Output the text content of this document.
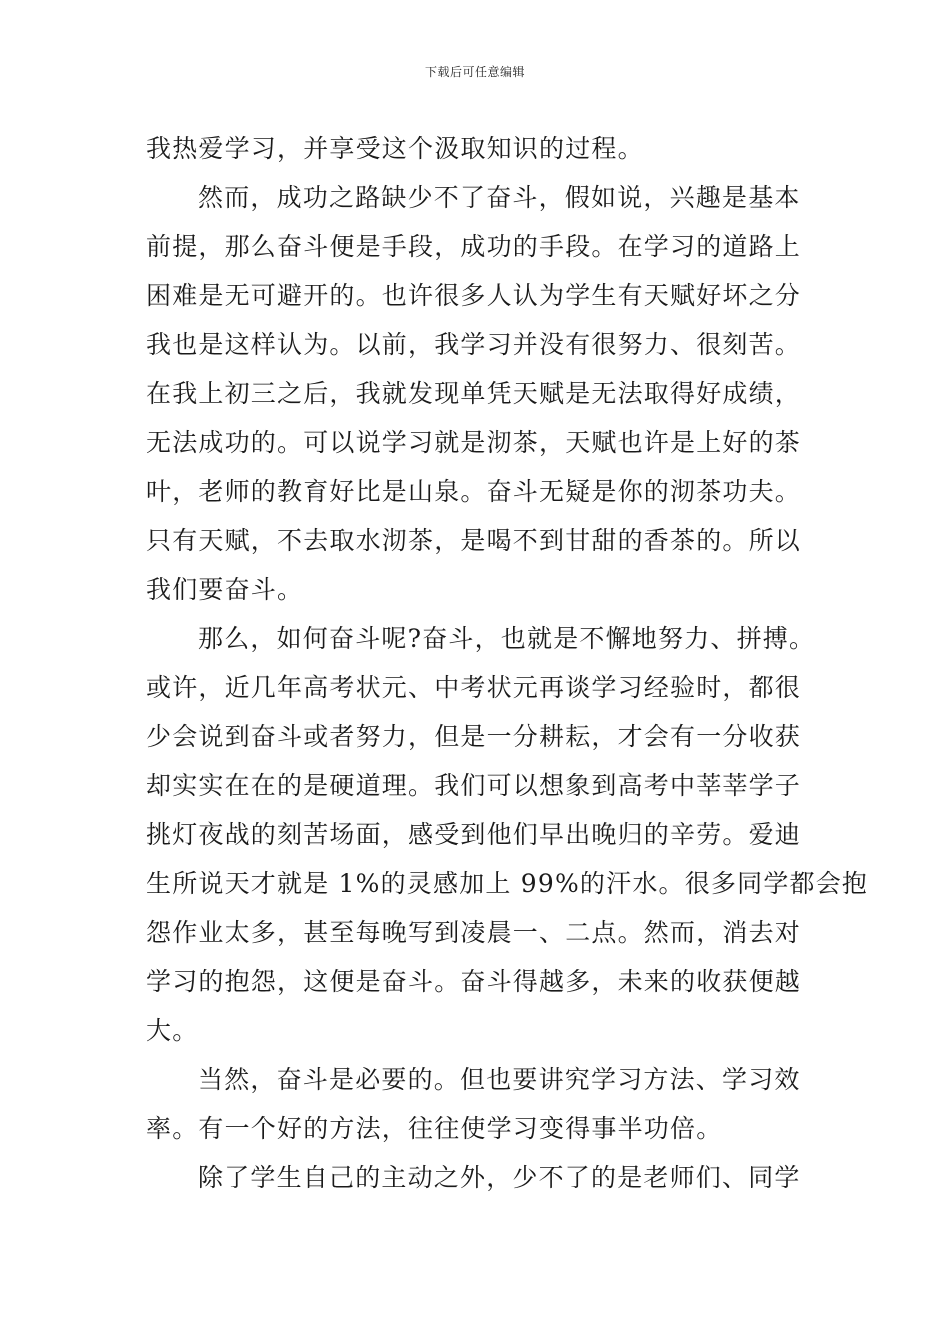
下载后可任意编辑
我热爱学习，并享受这个汲取知识的过程。
然而，成功之路缺少不了奋斗，假如说，兴趣是基本
前提，那么奋斗便是手段，成功的手段。在学习的道路上
困难是无可避开的。也许很多人认为学生有天赋好坏之分
我也是这样认为。以前，我学习并没有很努力、很刻苦。
在我上初三之后，我就发现单凭天赋是无法取得好成绩，
无法成功的。可以说学习就是沏茶，天赋也许是上好的茶
叶，老师的教育好比是山泉。奋斗无疑是你的沏茶功夫。
只有天赋，不去取水沏茶，是喝不到甘甜的香茶的。所以
我们要奋斗。
那么，如何奋斗呢?奋斗，也就是不懈地努力、拼搏。
或许，近几年高考状元、中考状元再谈学习经验时，都很
少会说到奋斗或者努力，但是一分耕耘，才会有一分收获
却实实在在的是硬道理。我们可以想象到高考中莘莘学子
挑灯夜战的刻苦场面，感受到他们早出晚归的辛劳。爱迪
生所说天才就是 1%的灵感加上 99%的汗水。很多同学都会抱
怨作业太多，甚至每晚写到凌晨一、二点。然而，消去对
学习的抱怨，这便是奋斗。奋斗得越多，未来的收获便越
大。
当然，奋斗是必要的。但也要讲究学习方法、学习效
率。有一个好的方法，往往使学习变得事半功倍。
除了学生自己的主动之外，少不了的是老师们、同学
